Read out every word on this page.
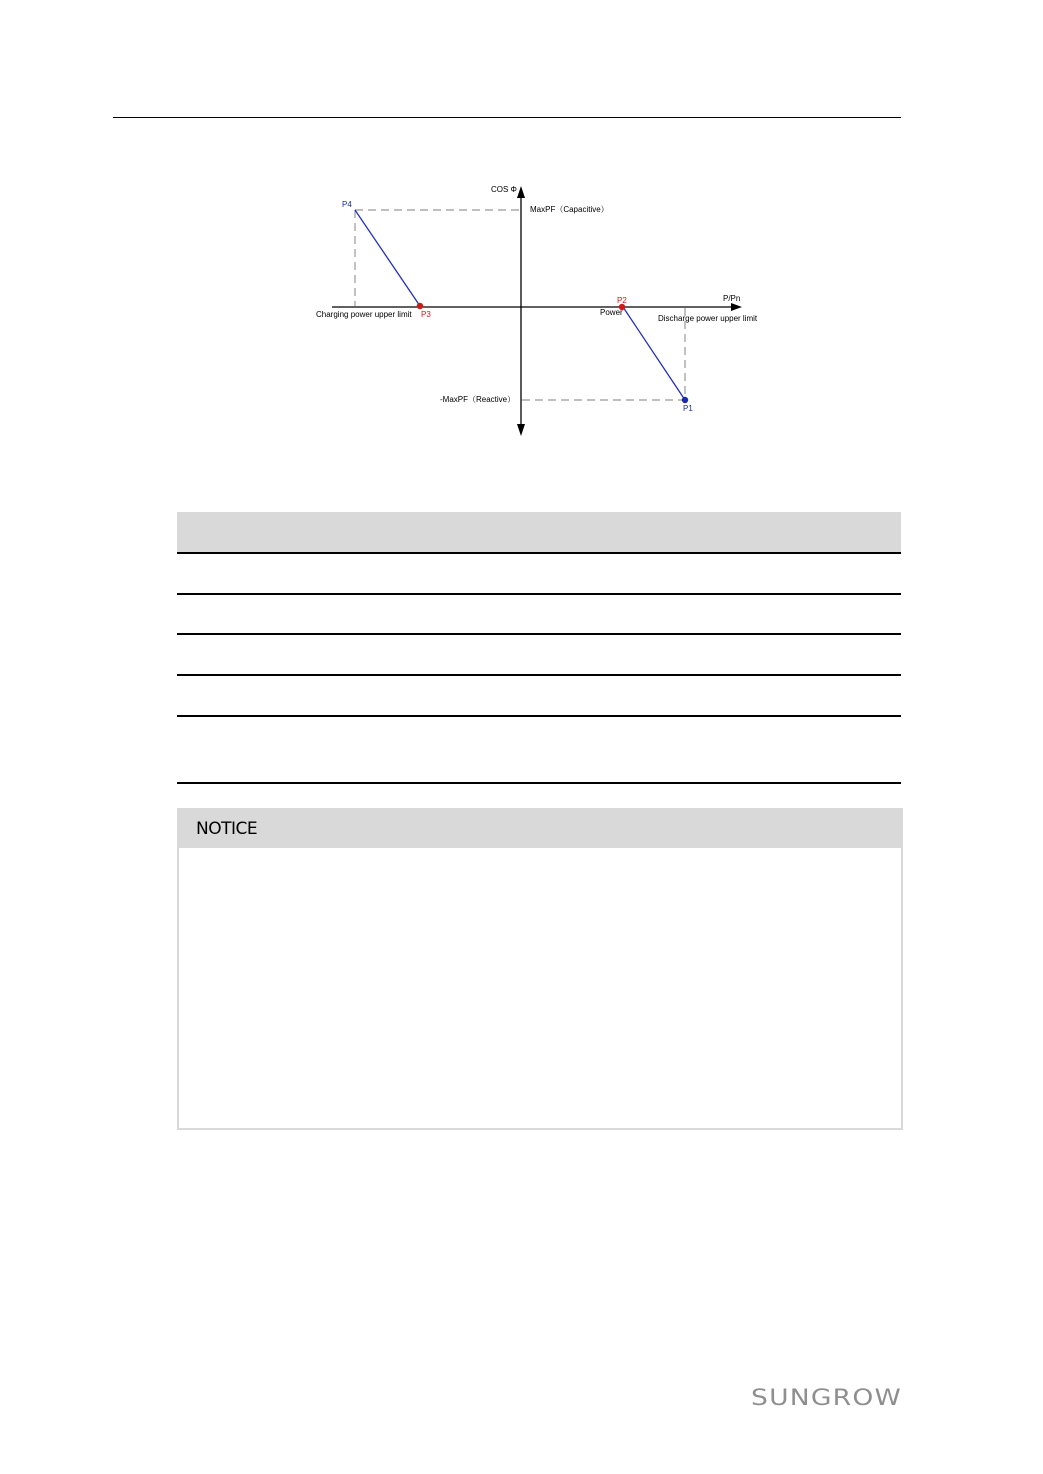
COS Φ
P/Pn
MaxPF（Capacitive）
-MaxPF（Reactive）
Charging power upper limit	Discharge power upper limit
Power
P1
P2
P3
P4
NOTICE
SUNGROW
